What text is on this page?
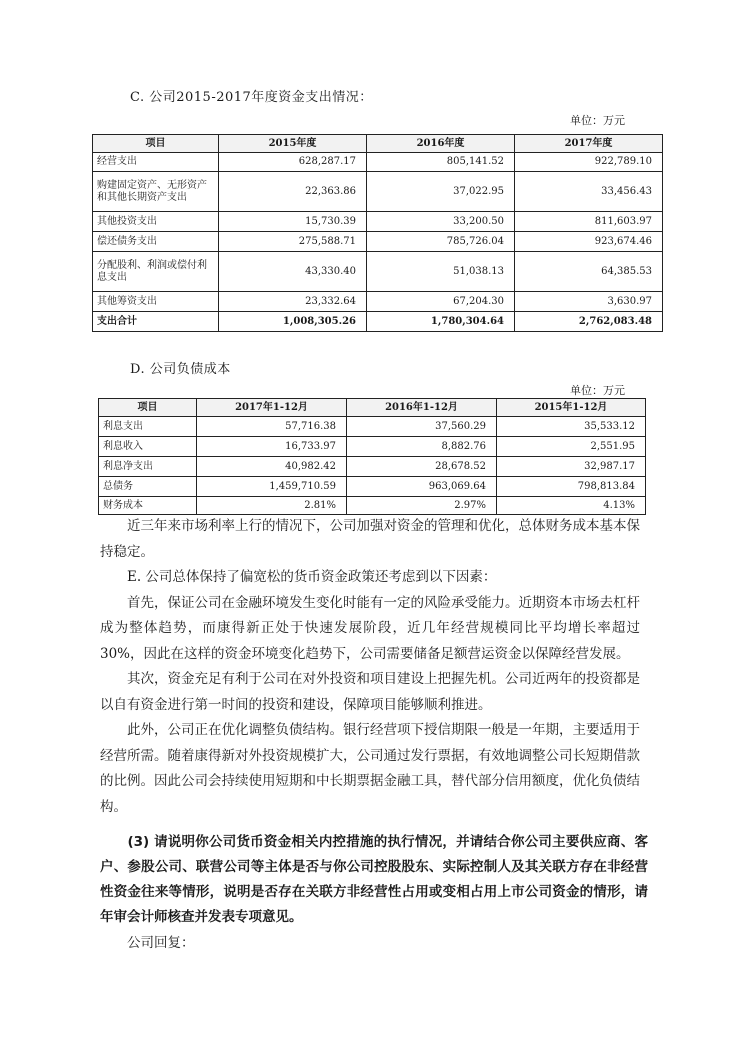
C. 公司2015-2017年度资金支出情况：
单位：万元
项目	2015年度	2016年度	2017年度
经营支出	628,287.17	805,141.52	922,789.10
购建固定资产、无形资产和其他长期资产支出	22,363.86	37,022.95	33,456.43
其他投资支出	15,730.39	33,200.50	811,603.97
偿还债务支出	275,588.71	785,726.04	923,674.46
分配股利、利润或偿付利息支出	43,330.40	51,038.13	64,385.53
其他筹资支出	23,332.64	67,204.30	3,630.97
支出合计	1,008,305.26	1,780,304.64	2,762,083.48
D. 公司负债成本
单位：万元
项目	2017年1-12月	2016年1-12月	2015年1-12月
利息支出	57,716.38	37,560.29	35,533.12
利息收入	16,733.97	8,882.76	2,551.95
利息净支出	40,982.42	28,678.52	32,987.17
总债务	1,459,710.59	963,069.64	798,813.84
财务成本	2.81%	2.97%	4.13%

　　近三年来市场利率上行的情况下，公司加强对资金的管理和优化，总体财务成本基本保持稳定。

　　E. 公司总体保持了偏宽松的货币资金政策还考虑到以下因素：

　　首先，保证公司在金融环境发生变化时能有一定的风险承受能力。近期资本市场去杠杆成为整体趋势，而康得新正处于快速发展阶段，近几年经营规模同比平均增长率超过30%，因此在这样的资金环境变化趋势下，公司需要储备足额营运资金以保障经营发展。

　　其次，资金充足有利于公司在对外投资和项目建设上把握先机。公司近两年的投资都是以自有资金进行第一时间的投资和建设，保障项目能够顺利推进。

　　此外，公司正在优化调整负债结构。银行经营项下授信期限一般是一年期，主要适用于经营所需。随着康得新对外投资规模扩大，公司通过发行票据，有效地调整公司长短期借款的比例。因此公司会持续使用短期和中长期票据金融工具，替代部分信用额度，优化负债结构。

　　(3) 请说明你公司货币资金相关内控措施的执行情况，并请结合你公司主要供应商、客户、参股公司、联营公司等主体是否与你公司控股股东、实际控制人及其关联方存在非经营性资金往来等情形，说明是否存在关联方非经营性占用或变相占用上市公司资金的情形，请年审会计师核查并发表专项意见。
　　公司回复：
